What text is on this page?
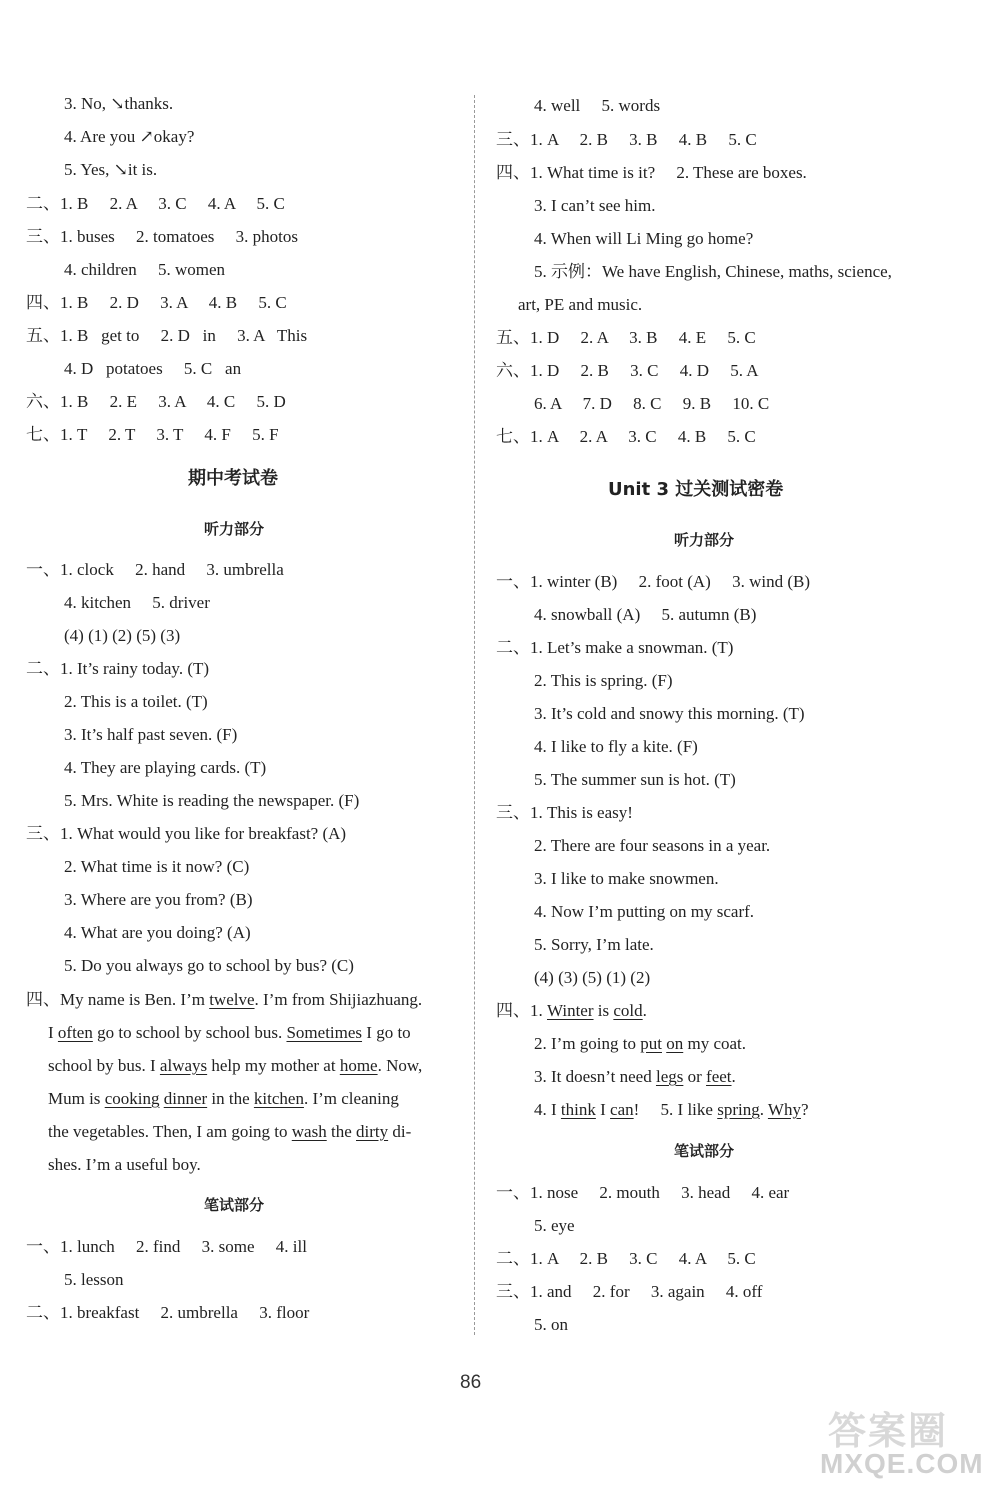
3. No, ↘thanks.
4. Are you ↗okay?
5. Yes, ↘it is.
二、1. B     2. A     3. C     4. A     5. C
三、1. buses     2. tomatoes     3. photos
4. children     5. women
四、1. B     2. D     3. A     4. B     5. C
五、1. B   get to     2. D   in     3. A   This
4. D   potatoes     5. C   an
六、1. B     2. E     3. A     4. C     5. D
七、1. T     2. T     3. T     4. F     5. F
期中考试卷
听力部分
一、1. clock     2. hand     3. umbrella
4. kitchen     5. driver
(4) (1) (2) (5) (3)
二、1. It’s rainy today. (T)
2. This is a toilet. (T)
3. It’s half past seven. (F)
4. They are playing cards. (T)
5. Mrs. White is reading the newspaper. (F)
三、1. What would you like for breakfast? (A)
2. What time is it now? (C)
3. Where are you from? (B)
4. What are you doing? (A)
5. Do you always go to school by bus? (C)
四、My name is Ben. I’m twelve. I’m from Shijiazhuang.
I often go to school by school bus. Sometimes I go to
school by bus. I always help my mother at home. Now,
Mum is cooking dinner in the kitchen. I’m cleaning
the vegetables. Then, I am going to wash the dirty di-
shes. I’m a useful boy.
笔试部分
一、1. lunch     2. find     3. some     4. ill
5. lesson
二、1. breakfast     2. umbrella     3. floor
4. well     5. words
三、1. A     2. B     3. B     4. B     5. C
四、1. What time is it?     2. These are boxes.
3. I can’t see him.
4. When will Li Ming go home?
5. 示例：We have English, Chinese, maths, science,
art, PE and music.
五、1. D     2. A     3. B     4. E     5. C
六、1. D     2. B     3. C     4. D     5. A
6. A     7. D     8. C     9. B     10. C
七、1. A     2. A     3. C     4. B     5. C
Unit 3 过关测试密卷
听力部分
一、1. winter (B)     2. foot (A)     3. wind (B)
4. snowball (A)     5. autumn (B)
二、1. Let’s make a snowman. (T)
2. This is spring. (F)
3. It’s cold and snowy this morning. (T)
4. I like to fly a kite. (F)
5. The summer sun is hot. (T)
三、1. This is easy!
2. There are four seasons in a year.
3. I like to make snowmen.
4. Now I’m putting on my scarf.
5. Sorry, I’m late.
(4) (3) (5) (1) (2)
四、1. Winter is cold.
2. I’m going to put on my coat.
3. It doesn’t need legs or feet.
4. I think I can!     5. I like spring. Why?
笔试部分
一、1. nose     2. mouth     3. head     4. ear
5. eye
二、1. A     2. B     3. C     4. A     5. C
三、1. and     2. for     3. again     4. off
5. on
86
答案圈
MXQE.COM
